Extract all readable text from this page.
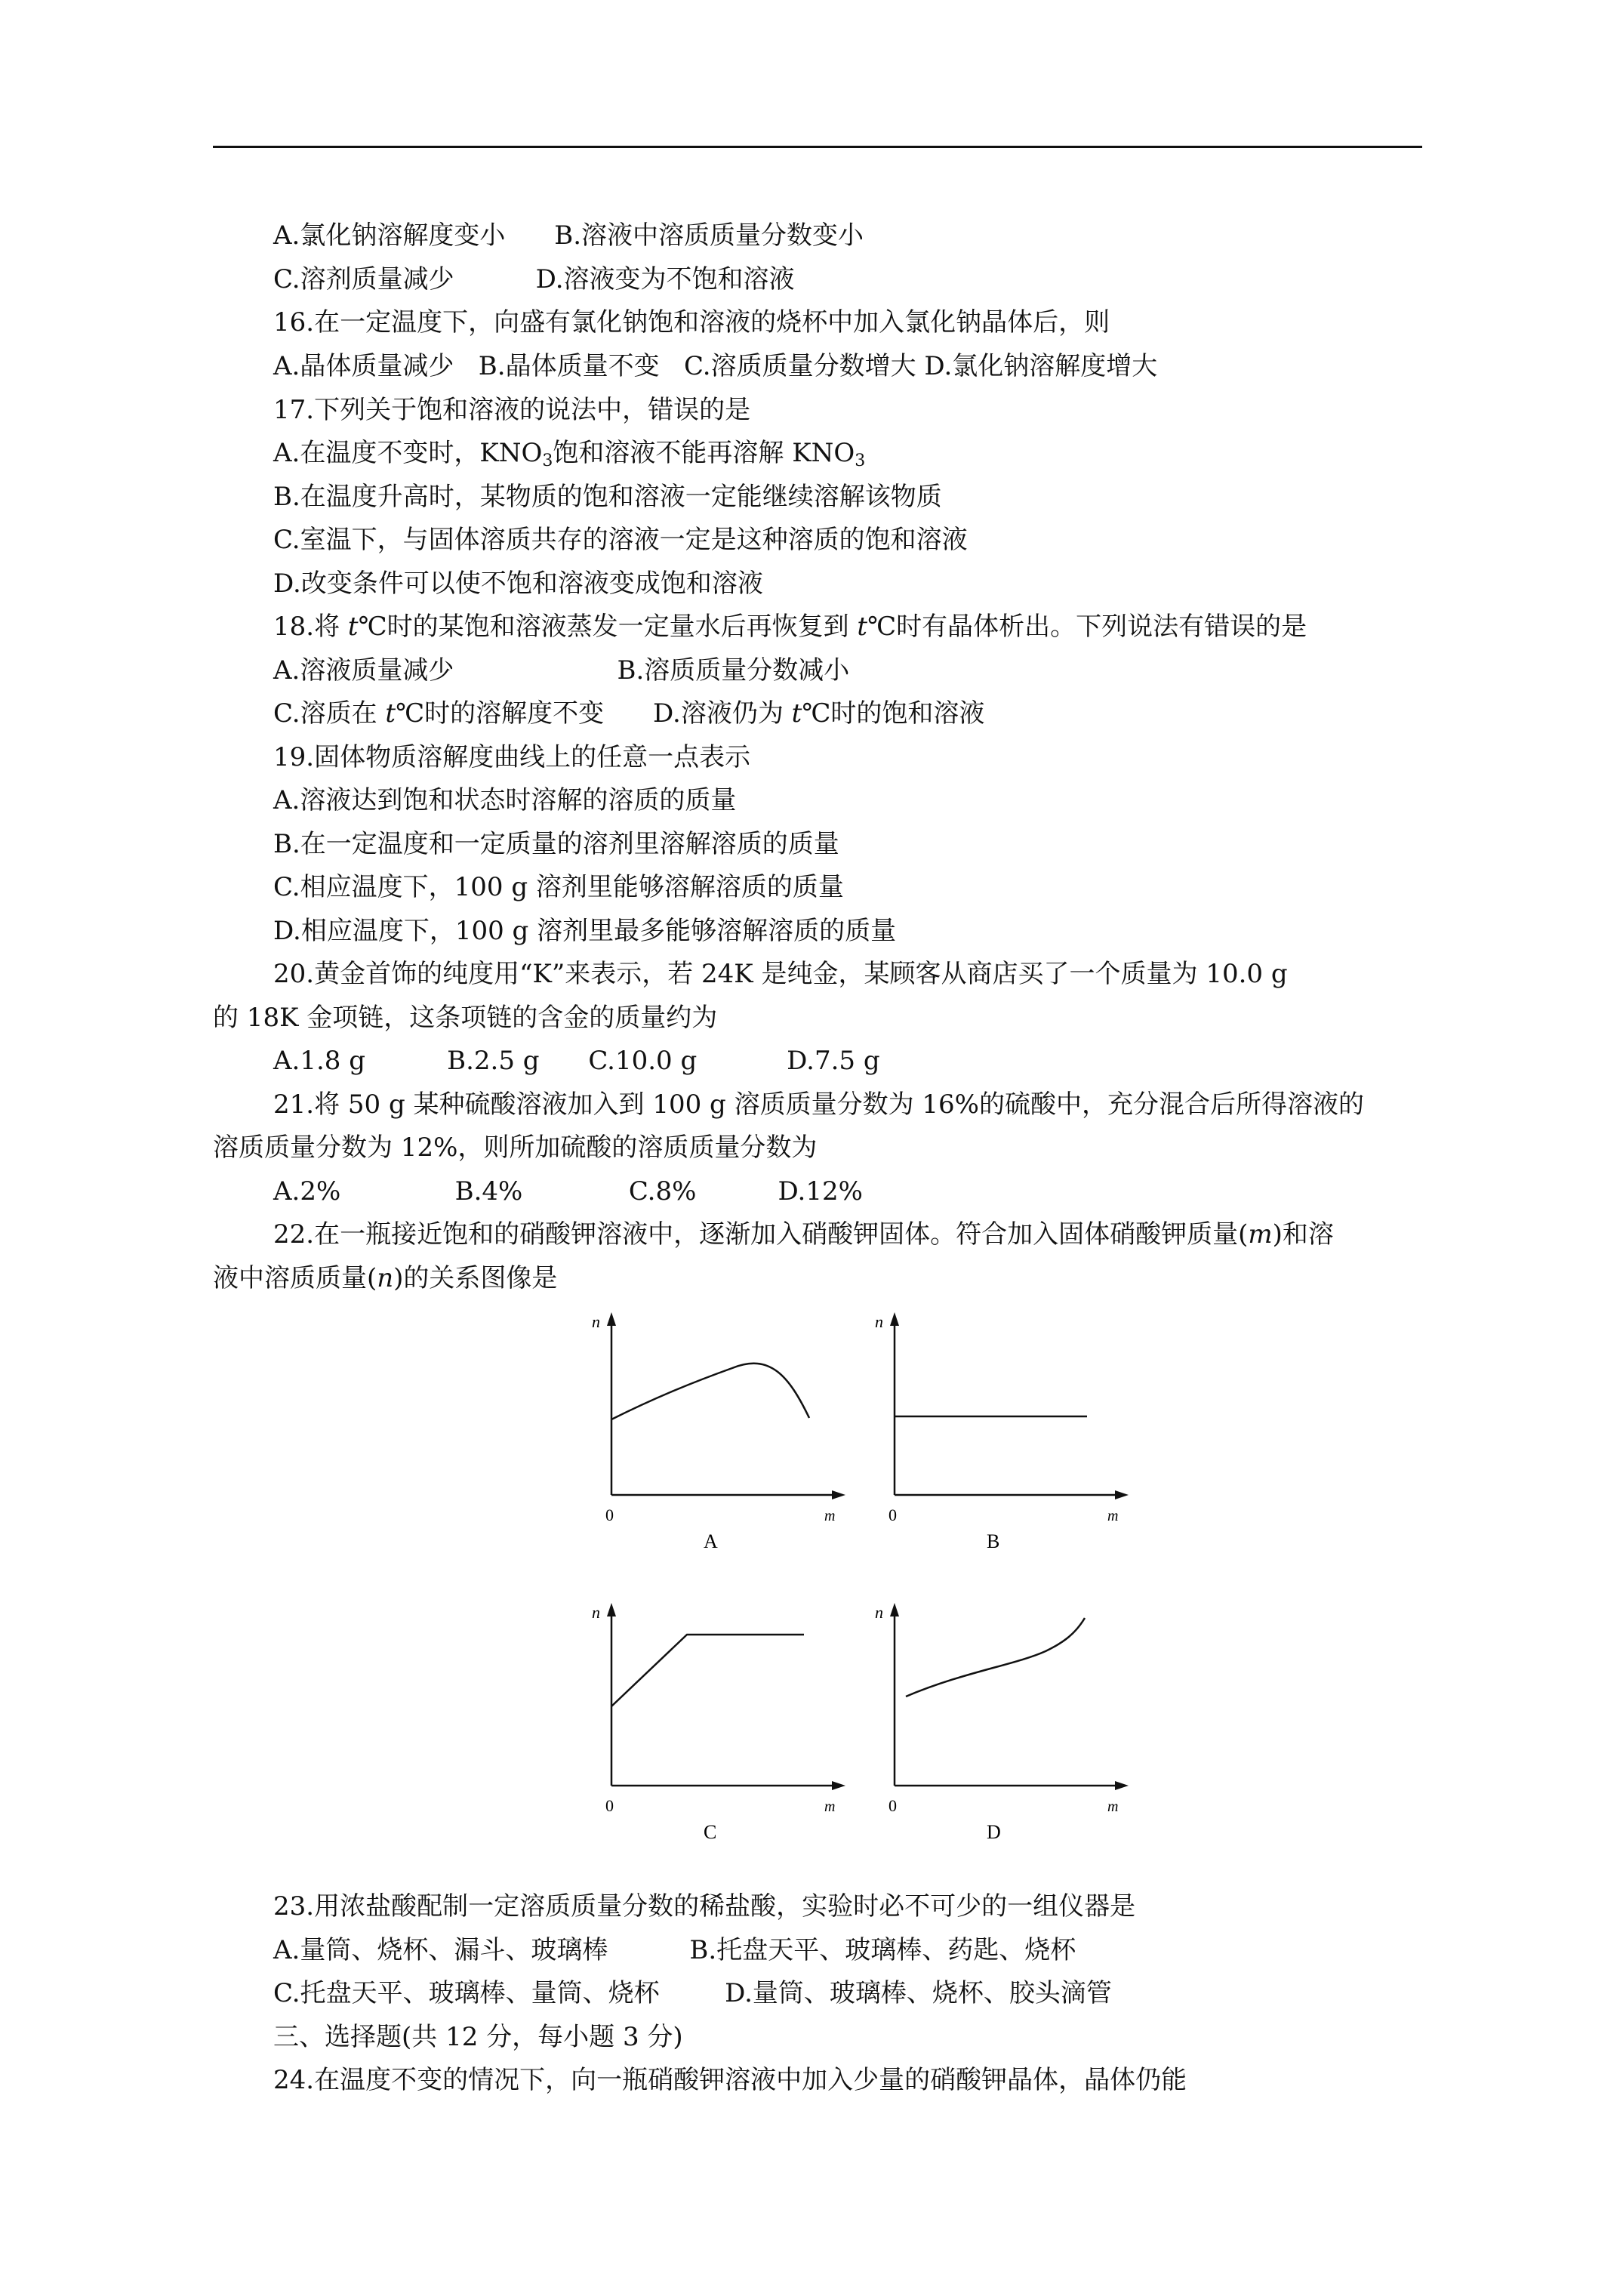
A.氯化钠溶解度变小      B.溶液中溶质质量分数变小
C.溶剂质量减少          D.溶液变为不饱和溶液
16.在一定温度下，向盛有氯化钠饱和溶液的烧杯中加入氯化钠晶体后，则
A.晶体质量减少   B.晶体质量不变   C.溶质质量分数增大 D.氯化钠溶解度增大
17.下列关于饱和溶液的说法中，错误的是
A.在温度不变时，$KNO_3$饱和溶液不能再溶解 $KNO_3$
B.在温度升高时，某物质的饱和溶液一定能继续溶解该物质
C.室温下，与固体溶质共存的溶液一定是这种溶质的饱和溶液
D.改变条件可以使不饱和溶液变成饱和溶液
18.将 t℃时的某饱和溶液蒸发一定量水后再恢复到 t℃时有晶体析出。下列说法有错误的是
A.溶液质量减少                    B.溶质质量分数减小
C.溶质在 t℃时的溶解度不变      D.溶液仍为 t℃时的饱和溶液
19.固体物质溶解度曲线上的任意一点表示
A.溶液达到饱和状态时溶解的溶质的质量
B.在一定温度和一定质量的溶剂里溶解溶质的质量
C.相应温度下，100 g 溶剂里能够溶解溶质的质量
D.相应温度下，100 g 溶剂里最多能够溶解溶质的质量
20.黄金首饰的纯度用“K”来表示，若 24K 是纯金，某顾客从商店买了一个质量为 10.0 g
的 18K 金项链，这条项链的含金的质量约为
A.1.8 g          B.2.5 g      C.10.0 g           D.7.5 g
21.将 50 g 某种硫酸溶液加入到 100 g 溶质质量分数为 16%的硫酸中，充分混合后所得溶液的
溶质质量分数为 12%，则所加硫酸的溶质质量分数为
A.2%              B.4%             C.8%          D.12%
22.在一瓶接近饱和的硝酸钾溶液中，逐渐加入硝酸钾固体。符合加入固体硝酸钾质量(m)和溶
液中溶质质量(n)的关系图像是
n
m
0
A
n
m
0
B
n
m
0
C
n
m
0
D
23.用浓盐酸配制一定溶质质量分数的稀盐酸，实验时必不可少的一组仪器是
A.量筒、烧杯、漏斗、玻璃棒          B.托盘天平、玻璃棒、药匙、烧杯
C.托盘天平、玻璃棒、量筒、烧杯        D.量筒、玻璃棒、烧杯、胶头滴管
三、选择题(共 12 分，每小题 3 分)
24.在温度不变的情况下，向一瓶硝酸钾溶液中加入少量的硝酸钾晶体，晶体仍能
